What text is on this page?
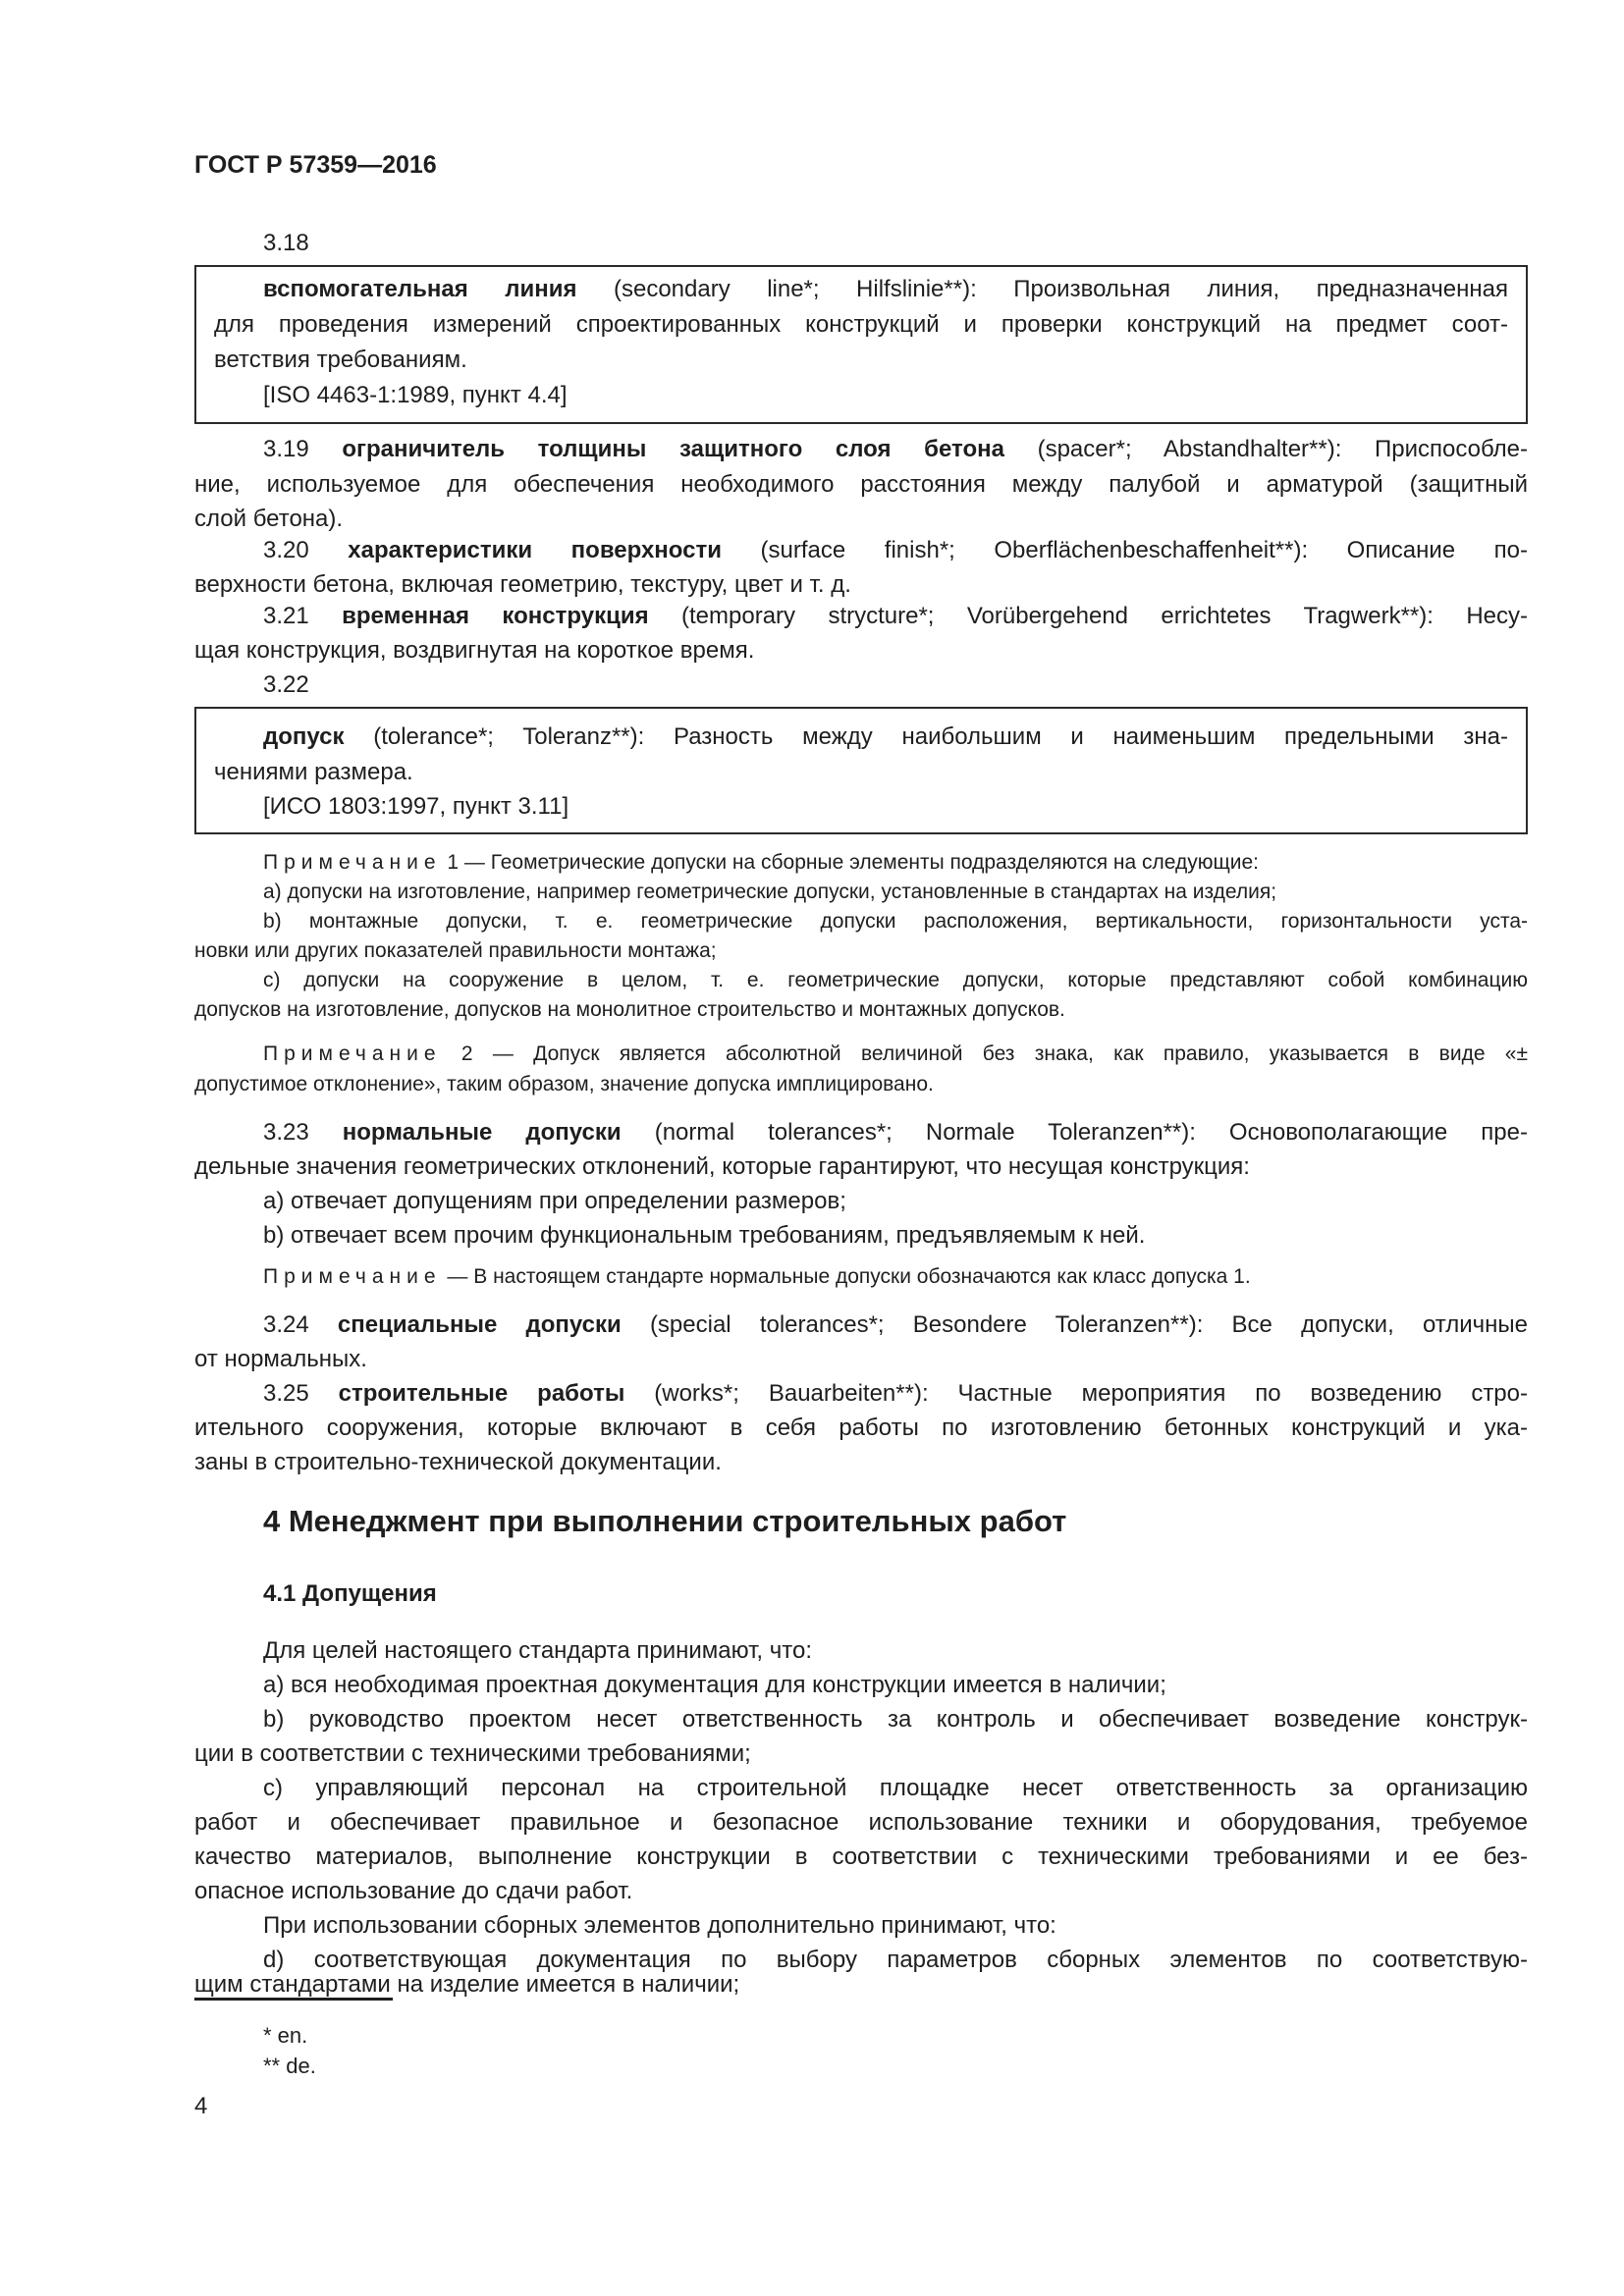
ГОСТ Р 57359—2016
3.18
вспомогательная линия (secondary line*; Hilfslinie**): Произвольная линия, предназначенная
для проведения измерений спроектированных конструкций и проверки конструкций на предмет соот-
ветствия требованиям.
[ISO 4463-1:1989, пункт 4.4]
3.19 ограничитель толщины защитного слоя бетона (spacer*; Abstandhalter**): Приспособле-
ние, используемое для обеспечения необходимого расстояния между палубой и арматурой (защитный
слой бетона).
3.20 характеристики поверхности (surface finish*; Oberflächenbeschaffenheit**): Описание по-
верхности бетона, включая геометрию, текстуру, цвет и т. д.
3.21 временная конструкция (temporary stryсture*; Vorübergehend errichtetes Tragwerk**): Несу-
щая конструкция, воздвигнутая на короткое время.
3.22
допуск (tolerance*; Toleranz**): Разность между наибольшим и наименьшим предельными зна-
чениями размера.
[ИСО 1803:1997, пункт 3.11]
Примечание 1 — Геометрические допуски на сборные элементы подразделяются на следующие:
a) допуски на изготовление, например геометрические допуски, установленные в стандартах на изделия;
b) монтажные допуски, т. е. геометрические допуски расположения, вертикальности, горизонтальности уста-
новки или других показателей правильности монтажа;
c) допуски на сооружение в целом, т. е. геометрические допуски, которые представляют собой комбинацию
допусков на изготовление, допусков на монолитное строительство и монтажных допусков.
Примечание 2 — Допуск является абсолютной величиной без знака, как правило, указывается в виде «±
допустимое отклонение», таким образом, значение допуска имплицировано.
3.23 нормальные допуски (normal tolerances*; Normale Toleranzen**): Основополагающие пре-
дельные значения геометрических отклонений, которые гарантируют, что несущая конструкция:
a) отвечает допущениям при определении размеров;
b) отвечает всем прочим функциональным требованиям, предъявляемым к ней.
Примечание — В настоящем стандарте нормальные допуски обозначаются как класс допуска 1.
3.24 специальные допуски (special tolerances*; Besondere Toleranzen**): Все допуски, отличные
от нормальных.
3.25 строительные работы (works*; Bauarbeiten**): Частные мероприятия по возведению стро-
ительного сооружения, которые включают в себя работы по изготовлению бетонных конструкций и ука-
заны в строительно-технической документации.
4 Менеджмент при выполнении строительных работ
4.1 Допущения
Для целей настоящего стандарта принимают, что:
a) вся необходимая проектная документация для конструкции имеется в наличии;
b) руководство проектом несет ответственность за контроль и обеспечивает возведение конструк-
ции в соответствии с техническими требованиями;
c) управляющий персонал на строительной площадке несет ответственность за организацию
работ и обеспечивает правильное и безопасное использование техники и оборудования, требуемое
качество материалов, выполнение конструкции в соответствии с техническими требованиями и ее без-
опасное использование до сдачи работ.
При использовании сборных элементов дополнительно принимают, что:
d) соответствующая документация по выбору параметров сборных элементов по соответствую-
щим стандартами на изделие имеется в наличии;
* en.
** de.
4
